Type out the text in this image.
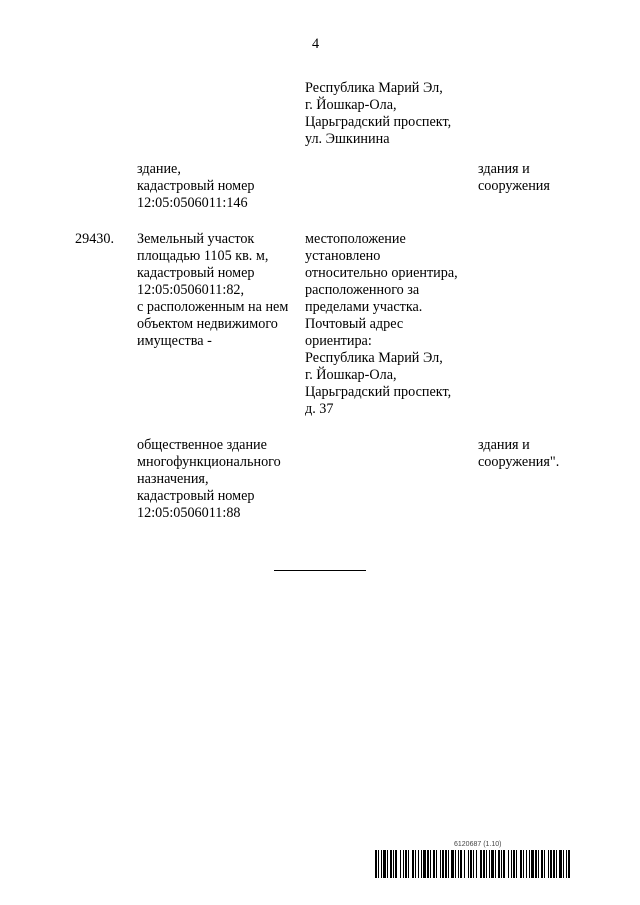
4
Республика Марий Эл,
г. Йошкар-Ола,
Царьградский проспект,
ул. Эшкинина
здание,
кадастровый номер
12:05:0506011:146
здания и
сооружения
29430. Земельный участок
площадью 1105 кв. м,
кадастровый номер
12:05:0506011:82,
с расположенным на нем
объектом недвижимого
имущества -
местоположение
установлено
относительно ориентира,
расположенного за
пределами участка.
Почтовый адрес
ориентира:
Республика Марий Эл,
г. Йошкар-Ола,
Царьградский проспект,
д. 37
общественное здание
многофункционального
назначения,
кадастровый номер
12:05:0506011:88
здания и
сооружения".
6120687 (1.10)
